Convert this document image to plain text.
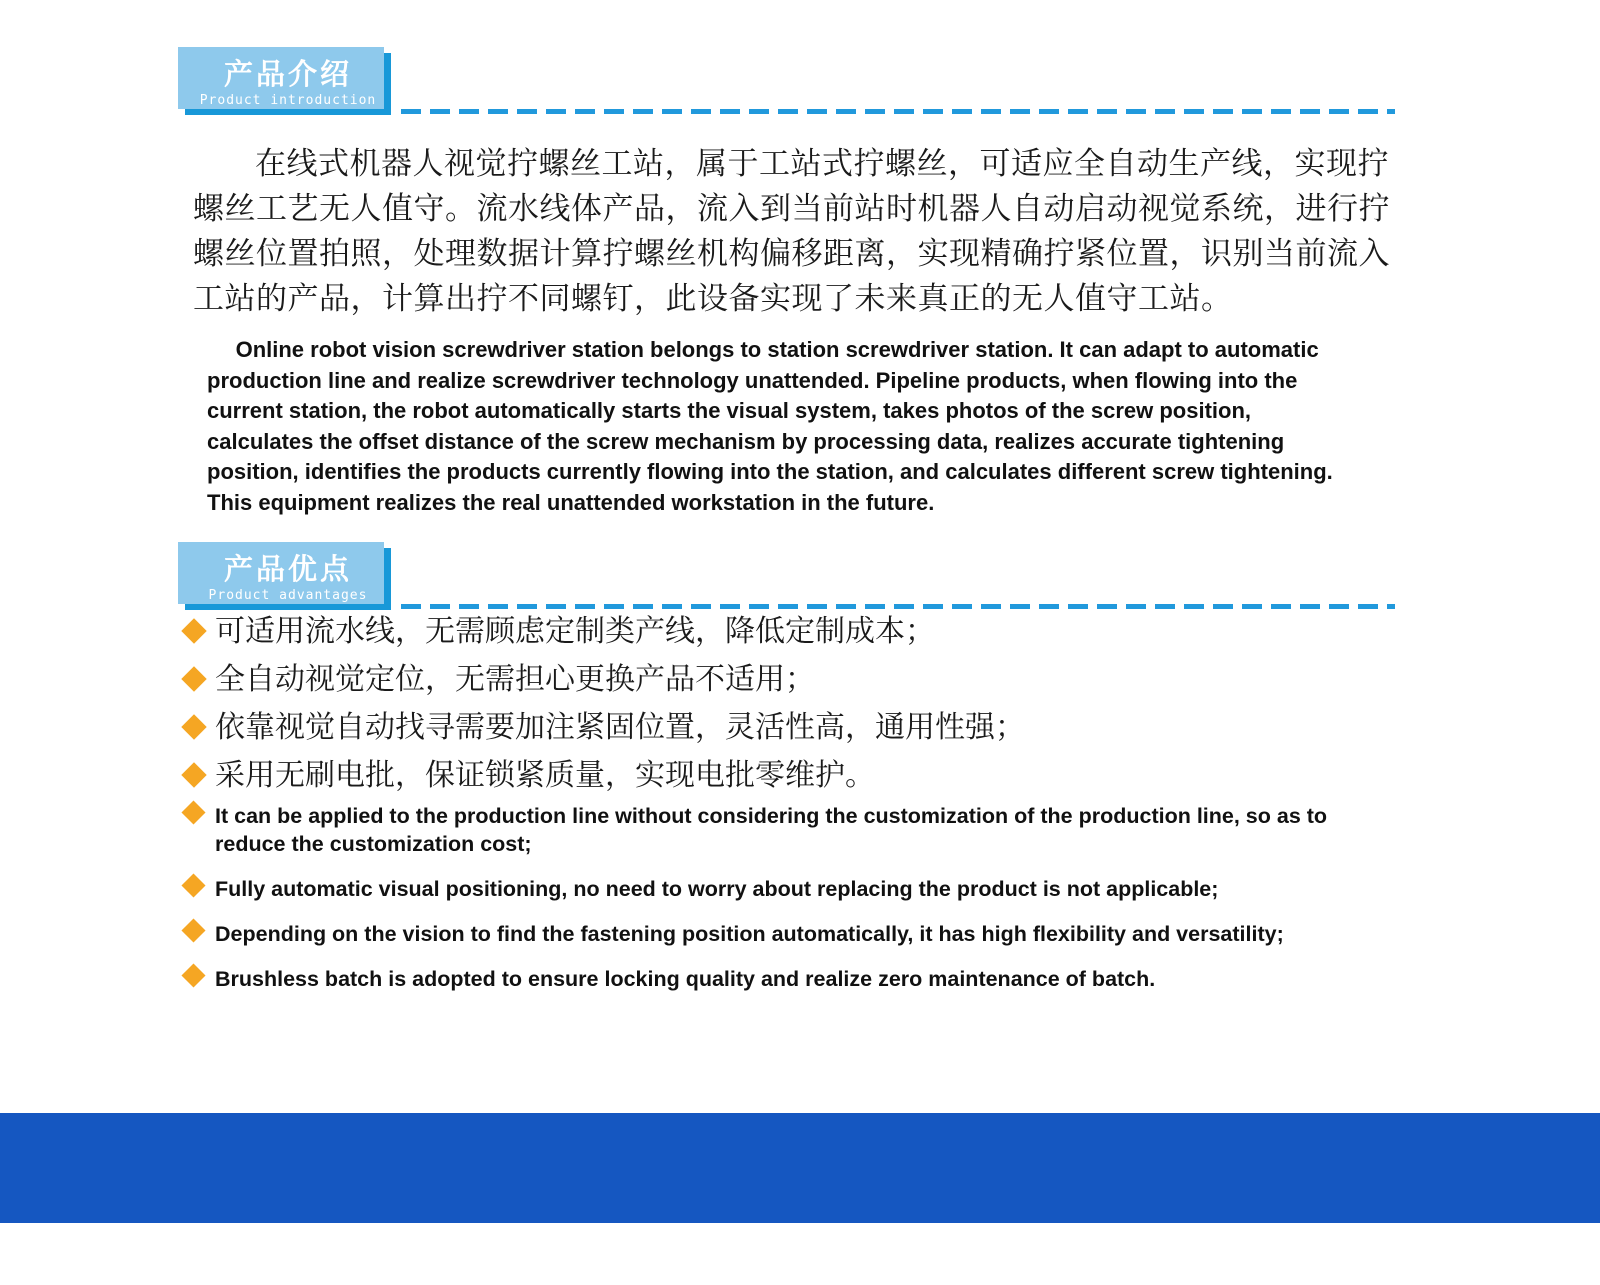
产品介绍
Product introduction

在线式机器人视觉拧螺丝工站，属于工站式拧螺丝，可适应全自动生产线，实现拧螺丝工艺无人值守。流水线体产品，流入到当前站时机器人自动启动视觉系统，进行拧螺丝位置拍照，处理数据计算拧螺丝机构偏移距离，实现精确拧紧位置，识别当前流入工站的产品，计算出拧不同螺钉，此设备实现了未来真正的无人值守工站。

Online robot vision screwdriver station belongs to station screwdriver station. It can adapt to automatic production line and realize screwdriver technology unattended. Pipeline products, when flowing into the current station, the robot automatically starts the visual system, takes photos of the screw position, calculates the offset distance of the screw mechanism by processing data, realizes accurate tightening position, identifies the products currently flowing into the station, and calculates different screw tightening. This equipment realizes the real unattended workstation in the future.

产品优点
Product advantages
可适用流水线，无需顾虑定制类产线，降低定制成本；
全自动视觉定位，无需担心更换产品不适用；
依靠视觉自动找寻需要加注紧固位置，灵活性高，通用性强；
采用无刷电批，保证锁紧质量，实现电批零维护。
It can be applied to the production line without considering the customization of the production line, so as to reduce the customization cost;
Fully automatic visual positioning, no need to worry about replacing the product is not applicable;
Depending on the vision to find the fastening position automatically, it has high flexibility and versatility;
Brushless batch is adopted to ensure locking quality and realize zero maintenance of batch.
